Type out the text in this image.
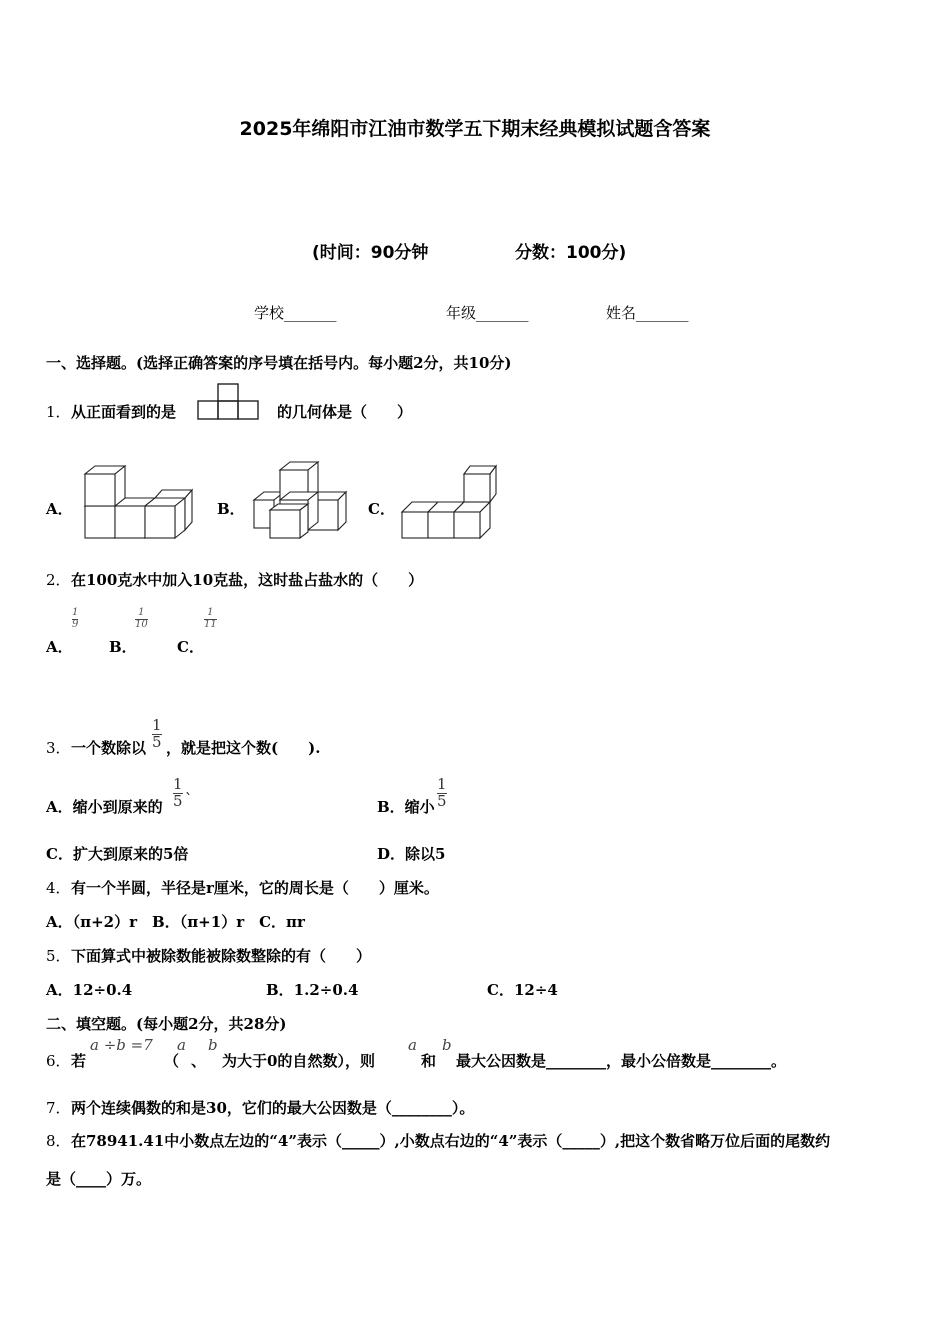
2025年绵阳市江油市数学五下期末经典模拟试题含答案
(时间：90分钟	分数：100分)
学校_______	年级_______	姓名_______
一、选择题。(选择正确答案的序号填在括号内。每小题2分，共10分)
1． 从正面看到的是	的几何体是（　　）
A．	B．	C．
2． 在100克水中加入10克盐，这时盐占盐水的（　　）
A．
$\frac{1}{9}$
B．
$\frac{1}{10}$
C．
$\frac{1}{11}$
3． 一个数除以 $\frac{1}{5}$ ，就是把这个数(　　).
A．缩小到原来的 $\frac{1}{5}$ `	B．缩小 $\frac{1}{5}$
C．扩大到原来的5倍	D．除以5
4． 有一个半圆，半径是r厘米，它的周长是（　　）厘米。
A．（π+2）r　B．（π+1）r　C．πr
5． 下面算式中被除数能被除数整除的有（　　）
A．12÷0.4	B．1.2÷0.4	C．12÷4
二、填空题。(每小题2分，共28分)
6． 若
a ÷b =7
（
a
、
b
为大于0的自然数），则
a
和
b
最大公因数是________，最小公倍数是________。
7． 两个连续偶数的和是30，它们的最大公因数是（________）。
8． 在78941.41中小数点左边的“4”表示（_____）,小数点右边的“4”表示（_____）,把这个数省略万位后面的尾数约
是（____）万。
